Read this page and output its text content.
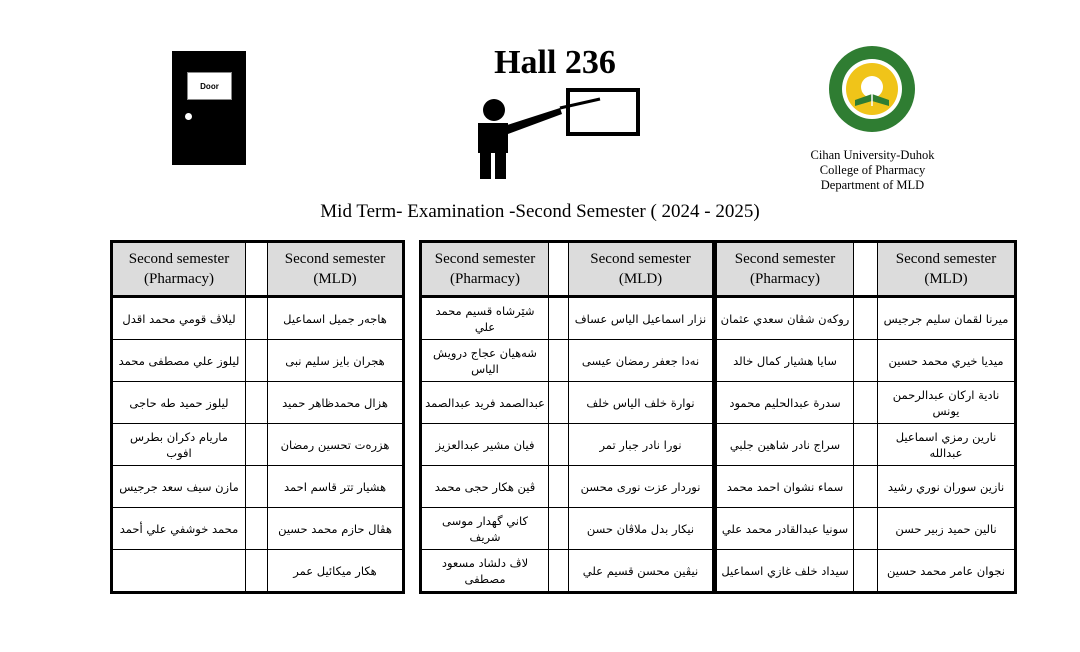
Door
Hall 236
Cihan University-Duhok
College of Pharmacy
Department of MLD
Mid Term- Examination -Second Semester ( 2024 - 2025)
Second semester (Pharmacy)		Second semester (MLD)
ليلاڤ قومي محمد اقدل		هاجەر جميل اسماعيل
ليلوز علي مصطفى محمد		هجران بايز سليم نبى
ليلوز حميد طه حاجى		هزال محمدظاهر حميد
ماريام دكران بطرس افوب		هزرەت تحسين رمضان
مازن سيف سعد جرجيس		هشيار تتر قاسم احمد
محمد خوشفي علي أحمد		هڤال حازم محمد حسين
		هكار ميكائيل عمر
Second semester (Pharmacy)		Second semester (MLD)
شێرشاه قسيم محمد علي		نزار اسماعيل الياس عساف
شەهيان عجاج درويش الياس		نەدا جعفر رمضان عيسى
عبدالصمد فريد عبدالصمد		نوارة خلف الياس خلف
فيان مشير عبدالعزيز		نورا نادر جبار تمر
ڤين هكار حجى محمد		نوردار عزت نورى محسن
كاني گهدار موسى شريف		نيكار بدل ملاڤان حسن
لاڤ دلشاد مسعود مصطفى		نيڤين محسن قسيم علي
Second semester (Pharmacy)		Second semester (MLD)
روكەن شڤان سعدي عثمان		ميرنا لقمان سليم جرجيس
سايا هشيار كمال خالد		ميديا خيري محمد حسين
سدرة عبدالحليم محمود		نادية اركان عبدالرحمن يونس
سراج نادر شاهين جلبي		نارين رمزي اسماعيل عبدالله
سماء نشوان احمد محمد		نازين سوران نوري رشيد
سونيا عبدالقادر محمد علي		نالين حميد زبير حسن
سيداد خلف غازي اسماعيل		نجوان عامر محمد حسين
